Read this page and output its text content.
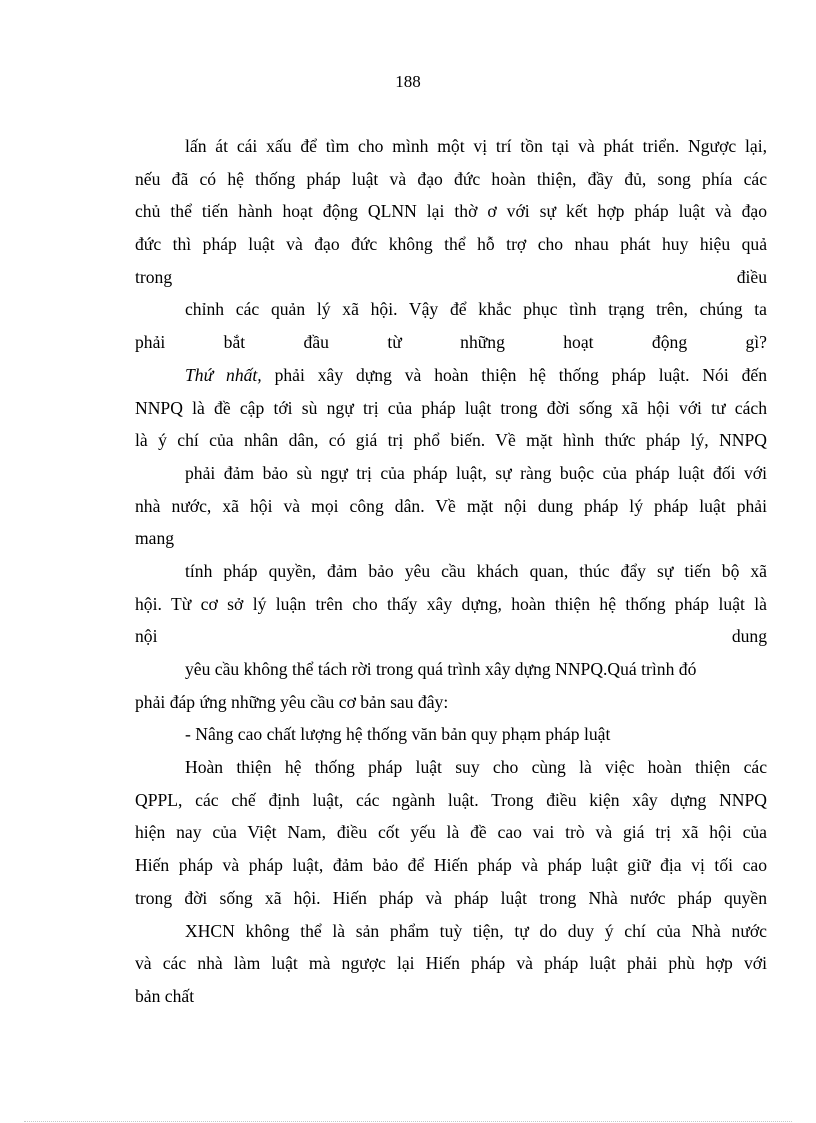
188
lấn át cái xấu để tìm cho mình một vị trí tồn tại và phát triển. Ngược lại,
nếu đã có hệ thống pháp luật và đạo đức hoàn thiện, đầy đủ, song phía các
chủ thể tiến hành hoạt động QLNN lại thờ ơ với sự kết hợp pháp luật và đạo
đức thì pháp luật và đạo đức không thể hỗ trợ cho nhau phát huy hiệu quả
trong	điều
chỉnh các quản lý xã hội. Vậy để khắc phục tình trạng trên, chúng ta
phải	bắt	đầu	từ	những	hoạt	động	gì?
Thứ nhất, phải xây dựng và hoàn thiện hệ thống pháp luật. Nói đến
NNPQ là đề cập tới sù ngự trị của pháp luật trong đời sống xã hội với tư cách
là ý chí của nhân dân, có giá trị phổ biến. Về mặt hình thức pháp lý, NNPQ
phải đảm bảo sù ngự trị của pháp luật, sự ràng buộc của pháp luật đối với
nhà nước, xã hội và mọi công dân. Về mặt nội dung pháp lý pháp luật phải
mang
tính pháp quyền, đảm bảo yêu cầu khách quan, thúc đẩy sự tiến bộ xã
hội. Từ cơ sở lý luận trên cho thấy xây dựng, hoàn thiện hệ thống pháp luật là
nội	dung
yêu cầu không thể tách rời trong quá trình xây dựng NNPQ.Quá trình đó
phải đáp ứng những yêu cầu cơ bản sau đây:
- Nâng cao chất lượng hệ thống văn bản quy phạm pháp luật
Hoàn thiện hệ thống pháp luật suy cho cùng là việc hoàn thiện các
QPPL, các chế định luật, các ngành luật. Trong điều kiện xây dựng NNPQ
hiện nay của Việt Nam, điều cốt yếu là đề cao vai trò và giá trị xã hội của
Hiến pháp và pháp luật, đảm bảo để Hiến pháp và pháp luật giữ địa vị tối cao
trong đời sống xã hội. Hiến pháp và pháp luật trong Nhà nước pháp quyền
XHCN không thể là sản phẩm tuỳ tiện, tự do duy ý chí của Nhà nước
và các nhà làm luật mà ngược lại Hiến pháp và pháp luật phải phù hợp với
bản chất
